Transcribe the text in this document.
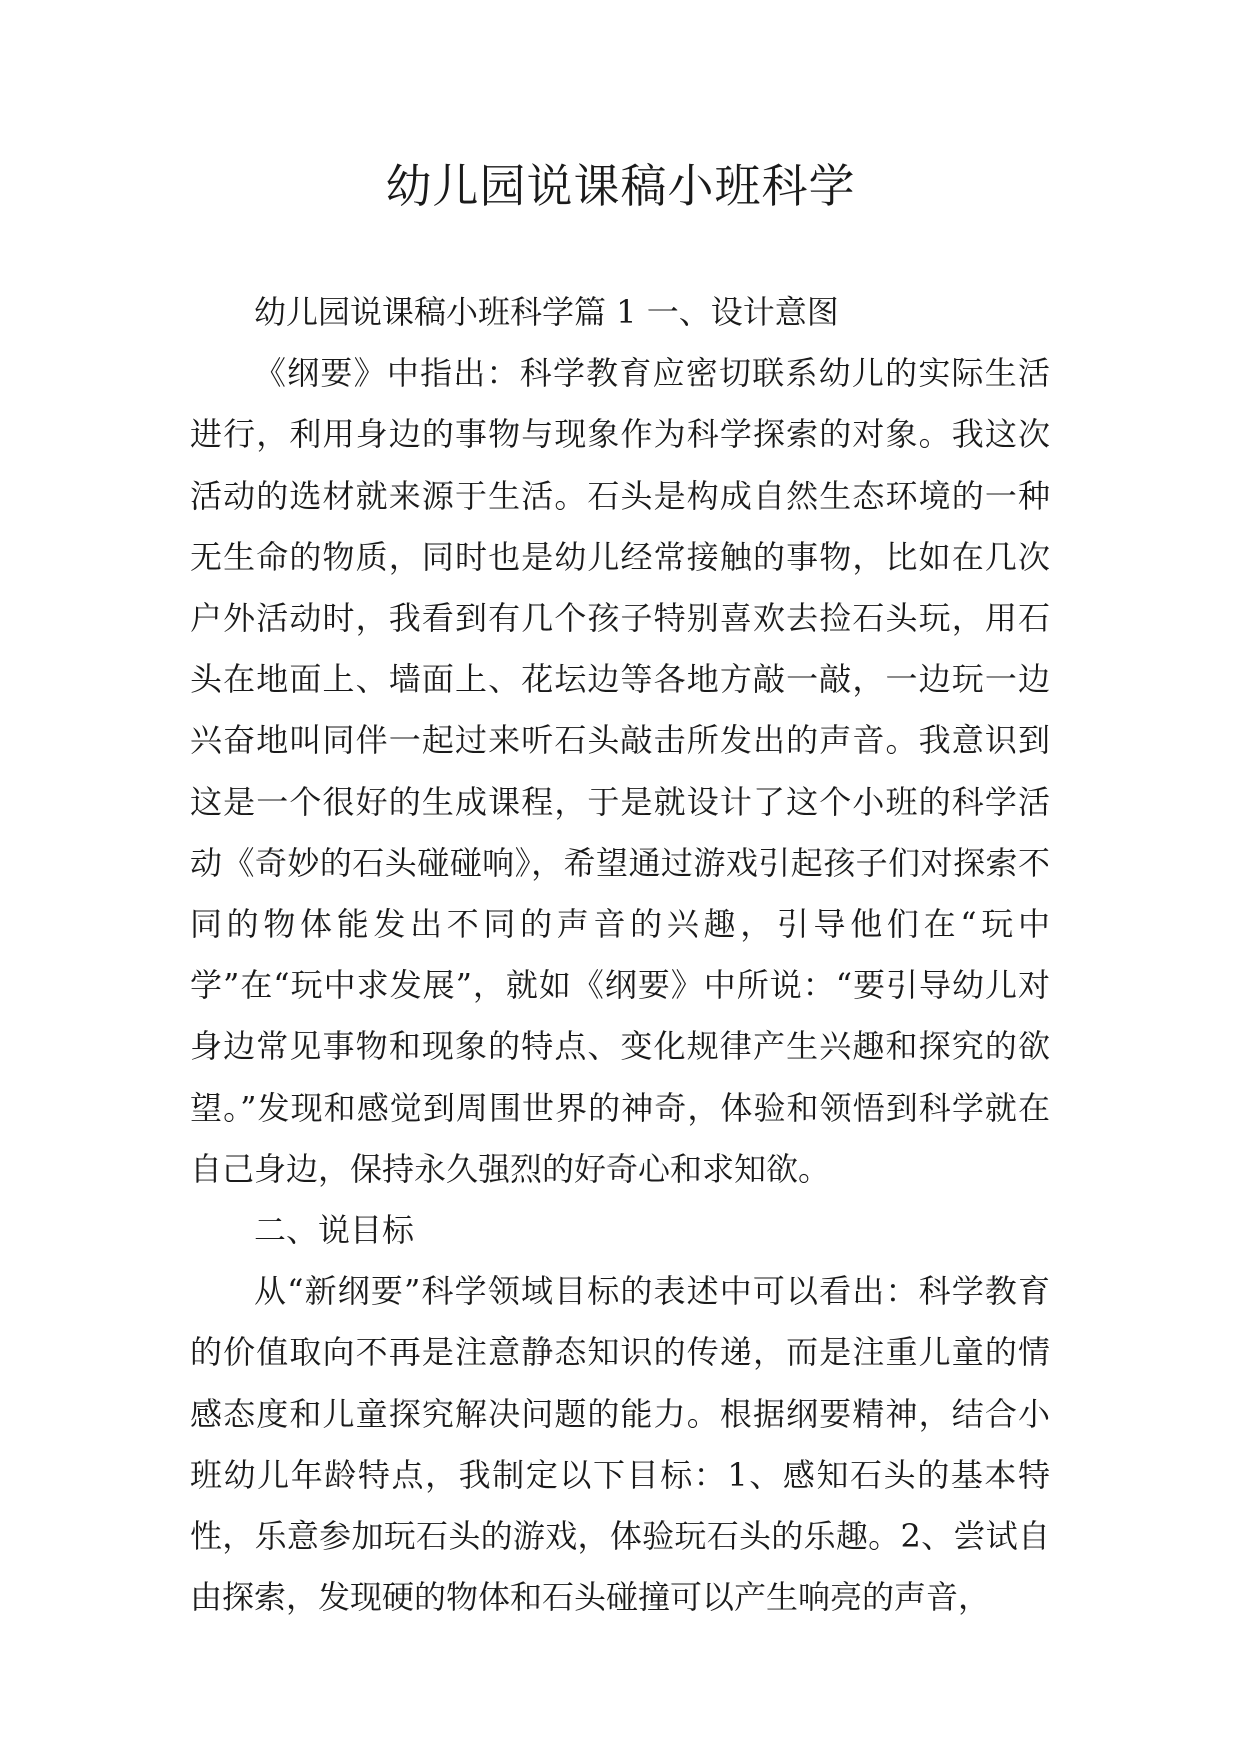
幼儿园说课稿小班科学

幼儿园说课稿小班科学篇 1 一、设计意图

《纲要》中指出：科学教育应密切联系幼儿的实际生活进行，利用身边的事物与现象作为科学探索的对象。我这次活动的选材就来源于生活。石头是构成自然生态环境的一种无生命的物质，同时也是幼儿经常接触的事物，比如在几次户外活动时，我看到有几个孩子特别喜欢去捡石头玩，用石头在地面上、墙面上、花坛边等各地方敲一敲，一边玩一边兴奋地叫同伴一起过来听石头敲击所发出的声音。我意识到这是一个很好的生成课程，于是就设计了这个小班的科学活动《奇妙的石头碰碰响》，希望通过游戏引起孩子们对探索不同的物体能发出不同的声音的兴趣，引导他们在“玩中学”在“玩中求发展”，就如《纲要》中所说：“要引导幼儿对身边常见事物和现象的特点、变化规律产生兴趣和探究的欲望。”发现和感觉到周围世界的神奇，体验和领悟到科学就在自己身边，保持永久强烈的好奇心和求知欲。

二、说目标

从“新纲要”科学领域目标的表述中可以看出：科学教育的价值取向不再是注意静态知识的传递，而是注重儿童的情感态度和儿童探究解决问题的能力。根据纲要精神，结合小班幼儿年龄特点，我制定以下目标：1、感知石头的基本特性，乐意参加玩石头的游戏，体验玩石头的乐趣。2、尝试自由探索，发现硬的物体和石头碰撞可以产生响亮的声音，
